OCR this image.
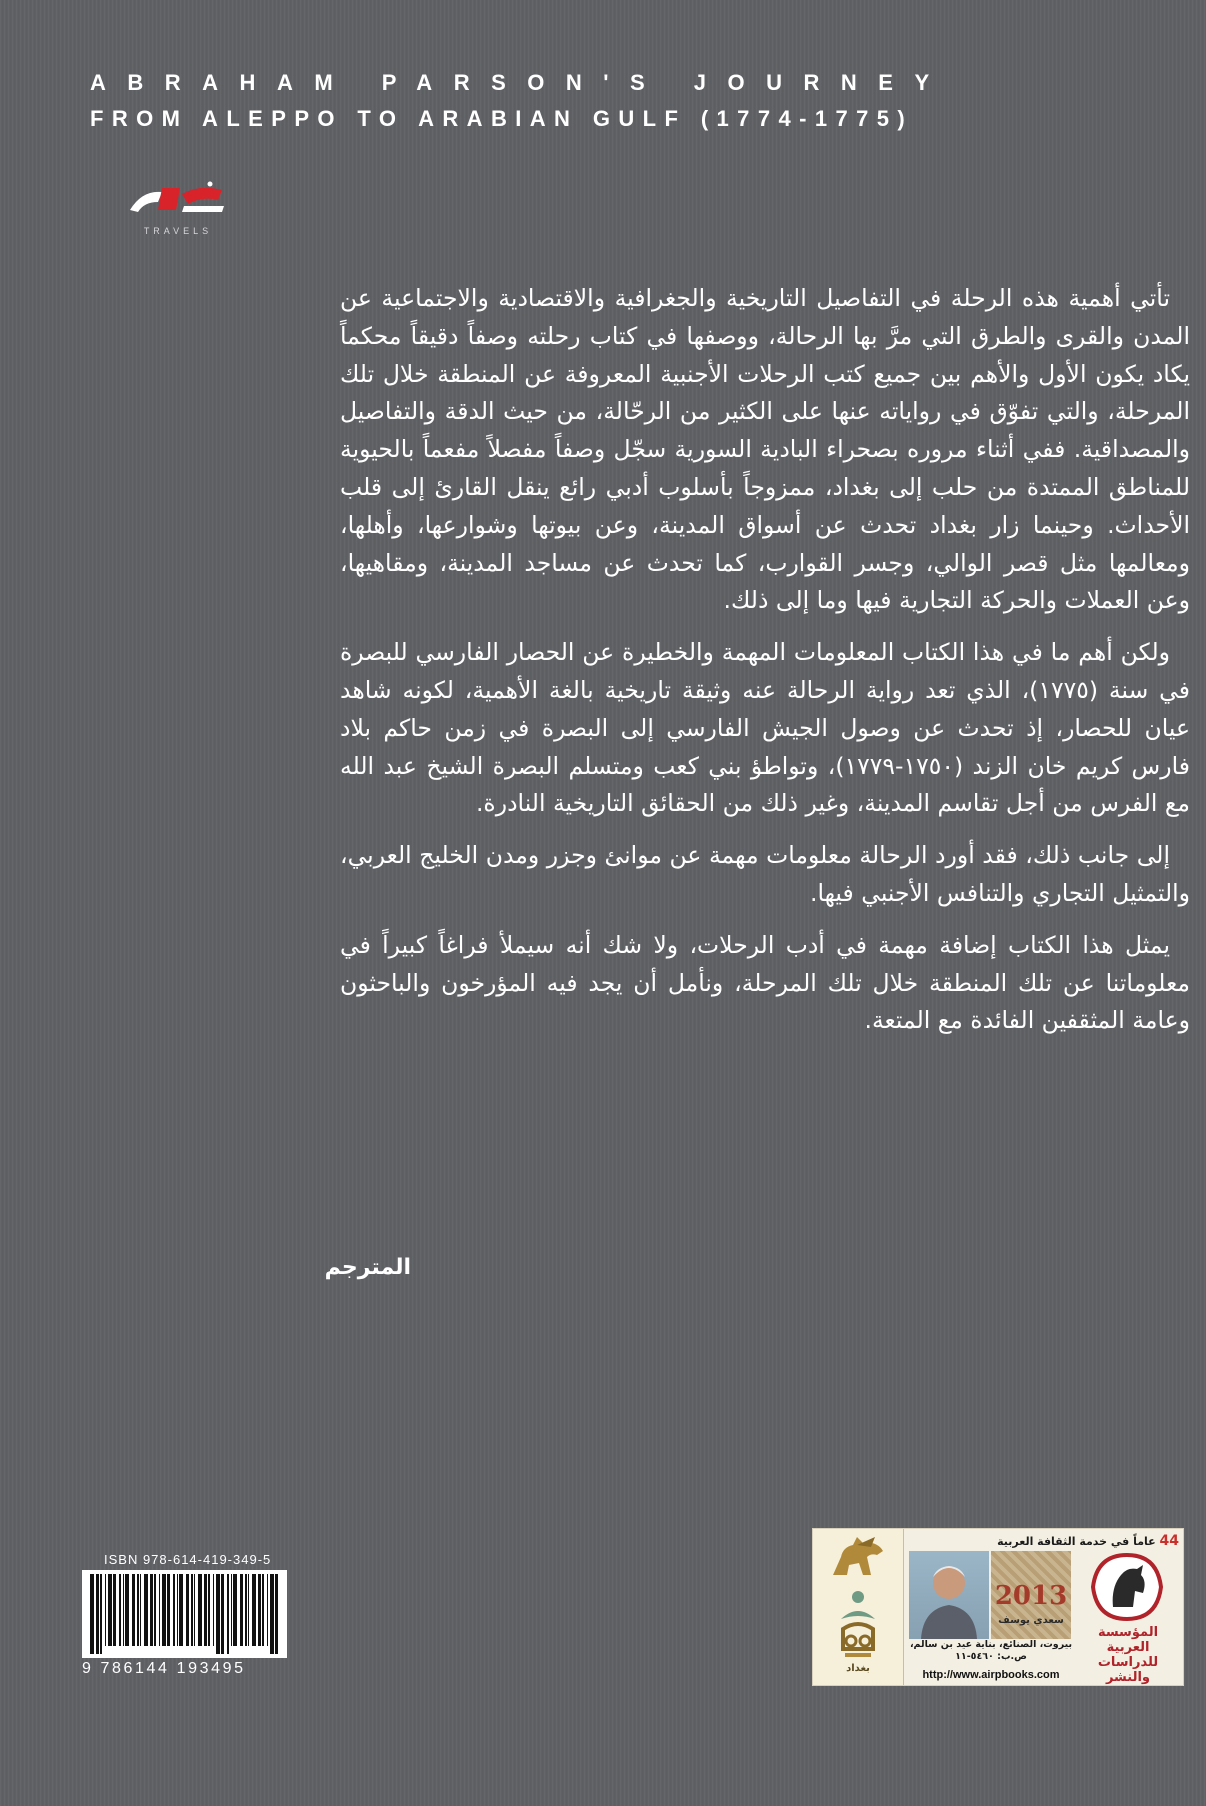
ABRAHAM PARSON'S JOURNEY
FROM ALEPPO TO ARABIAN GULF (1774-1775)
TRAVELS

تأتي أهمية هذه الرحلة في التفاصيل التاريخية والجغرافية والاقتصادية والاجتماعية عن المدن والقرى والطرق التي مرَّ بها الرحالة، ووصفها في كتاب رحلته وصفاً دقيقاً محكماً يكاد يكون الأول والأهم بين جميع كتب الرحلات الأجنبية المعروفة عن المنطقة خلال تلك المرحلة، والتي تفوّق في رواياته عنها على الكثير من الرحّالة، من حيث الدقة والتفاصيل والمصداقية. ففي أثناء مروره بصحراء البادية السورية سجّل وصفاً مفصلاً مفعماً بالحيوية للمناطق الممتدة من حلب إلى بغداد، ممزوجاً بأسلوب أدبي رائع ينقل القارئ إلى قلب الأحداث. وحينما زار بغداد تحدث عن أسواق المدينة، وعن بيوتها وشوارعها، وأهلها، ومعالمها مثل قصر الوالي، وجسر القوارب، كما تحدث عن مساجد المدينة، ومقاهيها، وعن العملات والحركة التجارية فيها وما إلى ذلك.

ولكن أهم ما في هذا الكتاب المعلومات المهمة والخطيرة عن الحصار الفارسي للبصرة في سنة (١٧٧٥)، الذي تعد رواية الرحالة عنه وثيقة تاريخية بالغة الأهمية، لكونه شاهد عيان للحصار، إذ تحدث عن وصول الجيش الفارسي إلى البصرة في زمن حاكم بلاد فارس كريم خان الزند (١٧٥٠-١٧٧٩)، وتواطؤ بني كعب ومتسلم البصرة الشيخ عبد الله مع الفرس من أجل تقاسم المدينة، وغير ذلك من الحقائق التاريخية النادرة.

إلى جانب ذلك، فقد أورد الرحالة معلومات مهمة عن موانئ وجزر ومدن الخليج العربي، والتمثيل التجاري والتنافس الأجنبي فيها.

يمثل هذا الكتاب إضافة مهمة في أدب الرحلات، ولا شك أنه سيملأ فراغاً كبيراً في معلوماتنا عن تلك المنطقة خلال تلك المرحلة، ونأمل أن يجد فيه المؤرخون والباحثون وعامة المثقفين الفائدة مع المتعة.

المترجم
ISBN 978-614-419-349-5
9 786144 193495	بغداد
44 عاماً في خدمة الثقافة العربية
2013
سعدي يوسف
المؤسسة العربية للدراسات والنشر
بيروت، الصنائع، بناية عيد بن سالم، ص.ب: ٥٤٦٠-١١
http://www.airpbooks.com
